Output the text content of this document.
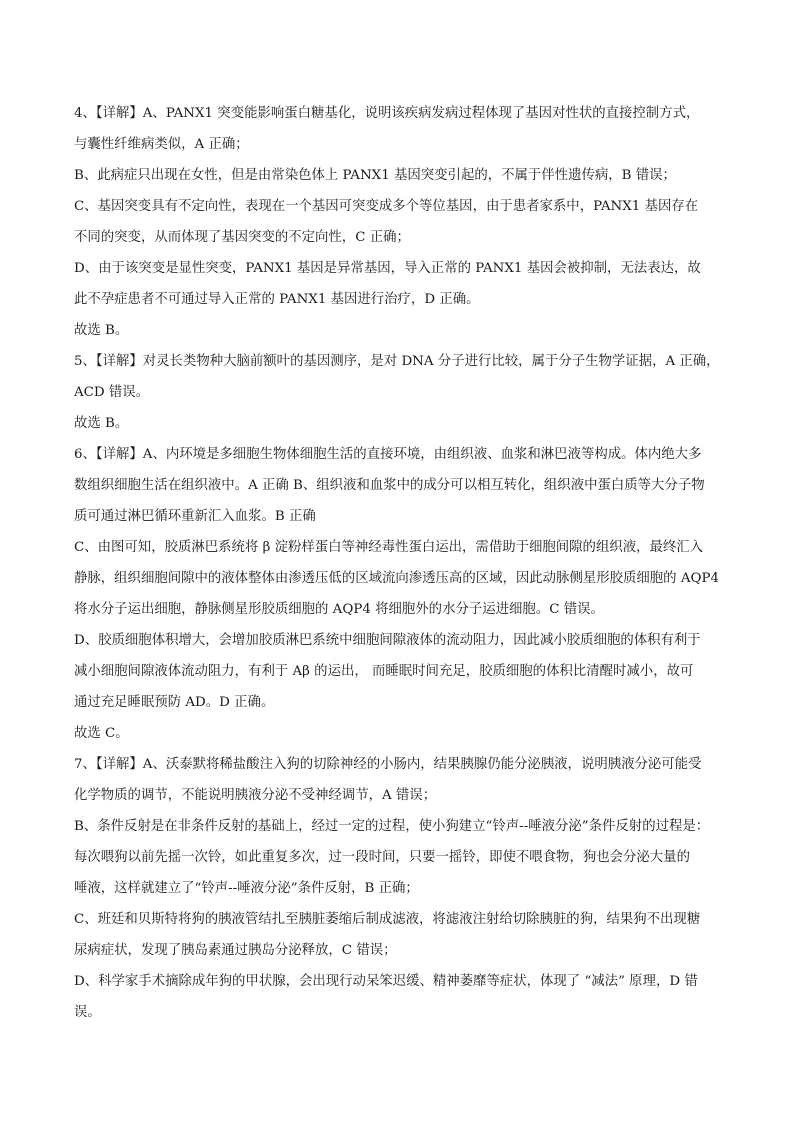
4、【详解】A、PANX1 突变能影响蛋白糖基化，说明该疾病发病过程体现了基因对性状的直接控制方式，
与囊性纤维病类似，A 正确；
B、此病症只出现在女性，但是由常染色体上 PANX1 基因突变引起的，不属于伴性遗传病，B 错误；
C、基因突变具有不定向性，表现在一个基因可突变成多个等位基因，由于患者家系中，PANX1 基因存在
不同的突变，从而体现了基因突变的不定向性，C 正确；
D、由于该突变是显性突变，PANX1 基因是异常基因，导入正常的 PANX1 基因会被抑制，无法表达，故
此不孕症患者不可通过导入正常的 PANX1 基因进行治疗，D 正确。
故选 B。
5、【详解】对灵长类物种大脑前额叶的基因测序，是对 DNA 分子进行比较，属于分子生物学证据，A 正确，
ACD 错误。
故选 B。
6、【详解】A、内环境是多细胞生物体细胞生活的直接环境，由组织液、血浆和淋巴液等构成。体内绝大多
数组织细胞生活在组织液中。A 正确 B、组织液和血浆中的成分可以相互转化，组织液中蛋白质等大分子物
质可通过淋巴循环重新汇入血浆。B 正确
C、由图可知，胶质淋巴系统将 β 淀粉样蛋白等神经毒性蛋白运出，需借助于细胞间隙的组织液，最终汇入
静脉，组织细胞间隙中的液体整体由渗透压低的区域流向渗透压高的区域，因此动脉侧星形胶质细胞的 AQP4
将水分子运出细胞，静脉侧星形胶质细胞的 AQP4 将细胞外的水分子运进细胞。C 错误。
D、胶质细胞体积增大，会增加胶质淋巴系统中细胞间隙液体的流动阻力，因此减小胶质细胞的体积有利于
减小细胞间隙液体流动阻力，有利于 Aβ 的运出， 而睡眠时间充足，胶质细胞的体积比清醒时减小，故可
通过充足睡眠预防 AD。D 正确。
故选 C。
7、【详解】A、沃泰默将稀盐酸注入狗的切除神经的小肠内，结果胰腺仍能分泌胰液，说明胰液分泌可能受
化学物质的调节，不能说明胰液分泌不受神经调节，A 错误；
B、条件反射是在非条件反射的基础上，经过一定的过程，使小狗建立“铃声--唾液分泌”条件反射的过程是：
每次喂狗以前先摇一次铃，如此重复多次，过一段时间，只要一摇铃，即使不喂食物，狗也会分泌大量的
唾液，这样就建立了“铃声--唾液分泌”条件反射，B 正确；
C、班廷和贝斯特将狗的胰液管结扎至胰脏萎缩后制成滤液，将滤液注射给切除胰脏的狗，结果狗不出现糖
尿病症状，发现了胰岛素通过胰岛分泌释放，C 错误；
D、科学家手术摘除成年狗的甲状腺，会出现行动呆笨迟缓、精神萎靡等症状，体现了 “减法” 原理，D 错
误。
